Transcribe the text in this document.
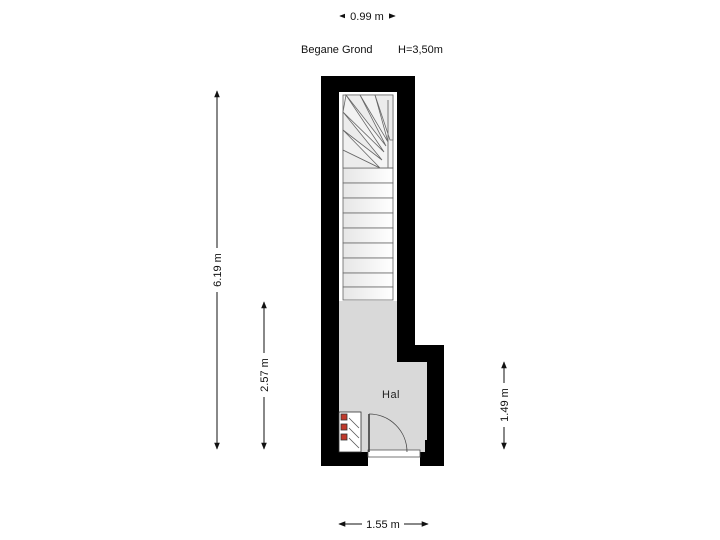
Begane Grond H=3,50m
0.99 m
1.55 m
6.19 m
2.57 m
1.49 m
Hal
